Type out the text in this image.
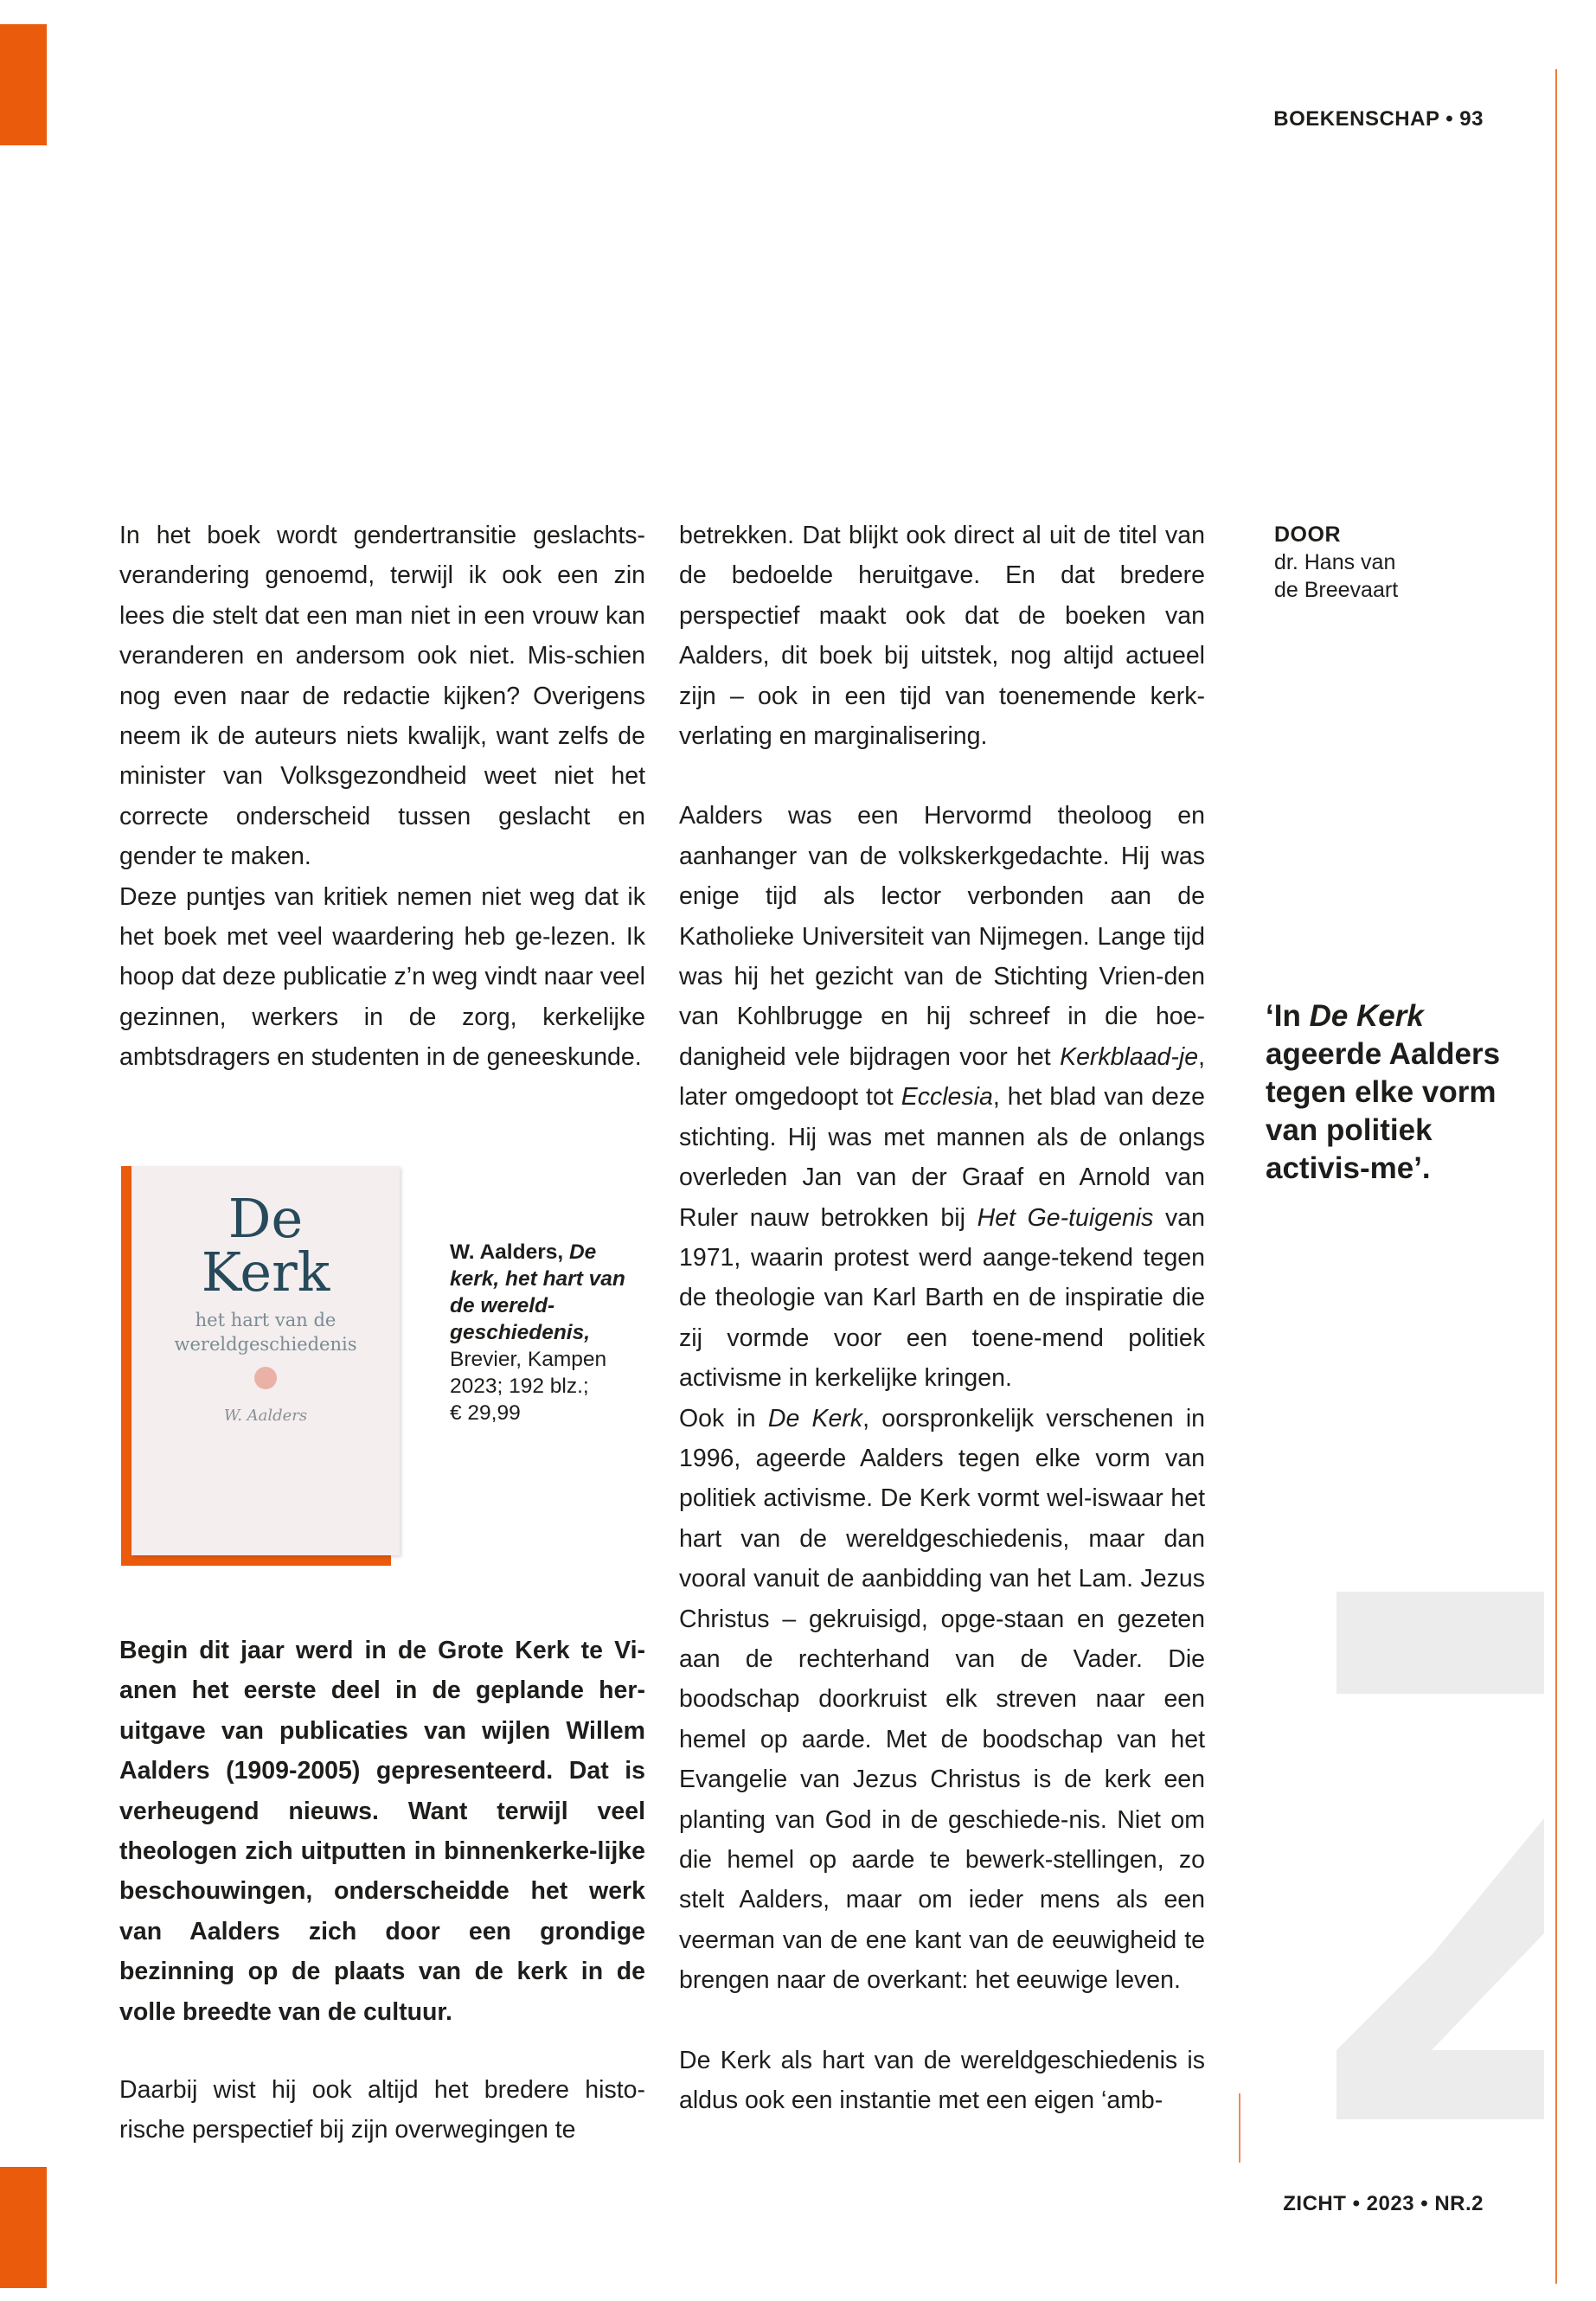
BOEKENSCHAP • 93

In het boek wordt gendertransitie geslachts-verandering genoemd, terwijl ik ook een zin lees die stelt dat een man niet in een vrouw kan veranderen en andersom ook niet. Mis-schien nog even naar de redactie kijken? Overigens neem ik de auteurs niets kwalijk, want zelfs de minister van Volksgezondheid weet niet het correcte onderscheid tussen geslacht en gender te maken.

Deze puntjes van kritiek nemen niet weg dat ik het boek met veel waardering heb ge-lezen. Ik hoop dat deze publicatie z’n weg vindt naar veel gezinnen, werkers in de zorg, kerkelijke ambtsdragers en studenten in de geneeskunde.

De
Kerk
het hart van de wereldgeschiedenis
W. Aalders
W. Aalders, De kerk, het hart van de wereld-geschiedenis,
Brevier, Kampen 2023; 192 blz.;
€ 29,99

Begin dit jaar werd in de Grote Kerk te Vi-anen het eerste deel in de geplande her-uitgave van publicaties van wijlen Willem Aalders (1909-2005) gepresenteerd. Dat is verheugend nieuws. Want terwijl veel theologen zich uitputten in binnenkerke-lijke beschouwingen, onderscheidde het werk van Aalders zich door een grondige bezinning op de plaats van de kerk in de volle breedte van de cultuur.

Daarbij wist hij ook altijd het bredere histo-rische perspectief bij zijn overwegingen te

betrekken. Dat blijkt ook direct al uit de titel van de bedoelde heruitgave. En dat bredere perspectief maakt ook dat de boeken van Aalders, dit boek bij uitstek, nog altijd actueel zijn – ook in een tijd van toenemende kerk-verlating en marginalisering.

Aalders was een Hervormd theoloog en aanhanger van de volkskerkgedachte. Hij was enige tijd als lector verbonden aan de Katholieke Universiteit van Nijmegen. Lange tijd was hij het gezicht van de Stichting Vrien-den van Kohlbrugge en hij schreef in die hoe-danigheid vele bijdragen voor het Kerkblaad-je, later omgedoopt tot Ecclesia, het blad van deze stichting. Hij was met mannen als de onlangs overleden Jan van der Graaf en Arnold van Ruler nauw betrokken bij Het Ge-tuigenis van 1971, waarin protest werd aange-tekend tegen de theologie van Karl Barth en de inspiratie die zij vormde voor een toene-mend politiek activisme in kerkelijke kringen.

Ook in De Kerk, oorspronkelijk verschenen in 1996, ageerde Aalders tegen elke vorm van politiek activisme. De Kerk vormt wel-iswaar het hart van de wereldgeschiedenis, maar dan vooral vanuit de aanbidding van het Lam. Jezus Christus – gekruisigd, opge-staan en gezeten aan de rechterhand van de Vader. Die boodschap doorkruist elk streven naar een hemel op aarde. Met de boodschap van het Evangelie van Jezus Christus is de kerk een planting van God in de geschiede-nis. Niet om die hemel op aarde te bewerk-stellingen, zo stelt Aalders, maar om ieder mens als een veerman van de ene kant van de eeuwigheid te brengen naar de overkant: het eeuwige leven.

De Kerk als hart van de wereldgeschiedenis is aldus ook een instantie met een eigen ‘amb-

DOOR
dr. Hans van
de Breevaart
‘In De Kerk ageerde Aalders tegen elke vorm van politiek activis-me’.
ZICHT • 2023 • NR.2
